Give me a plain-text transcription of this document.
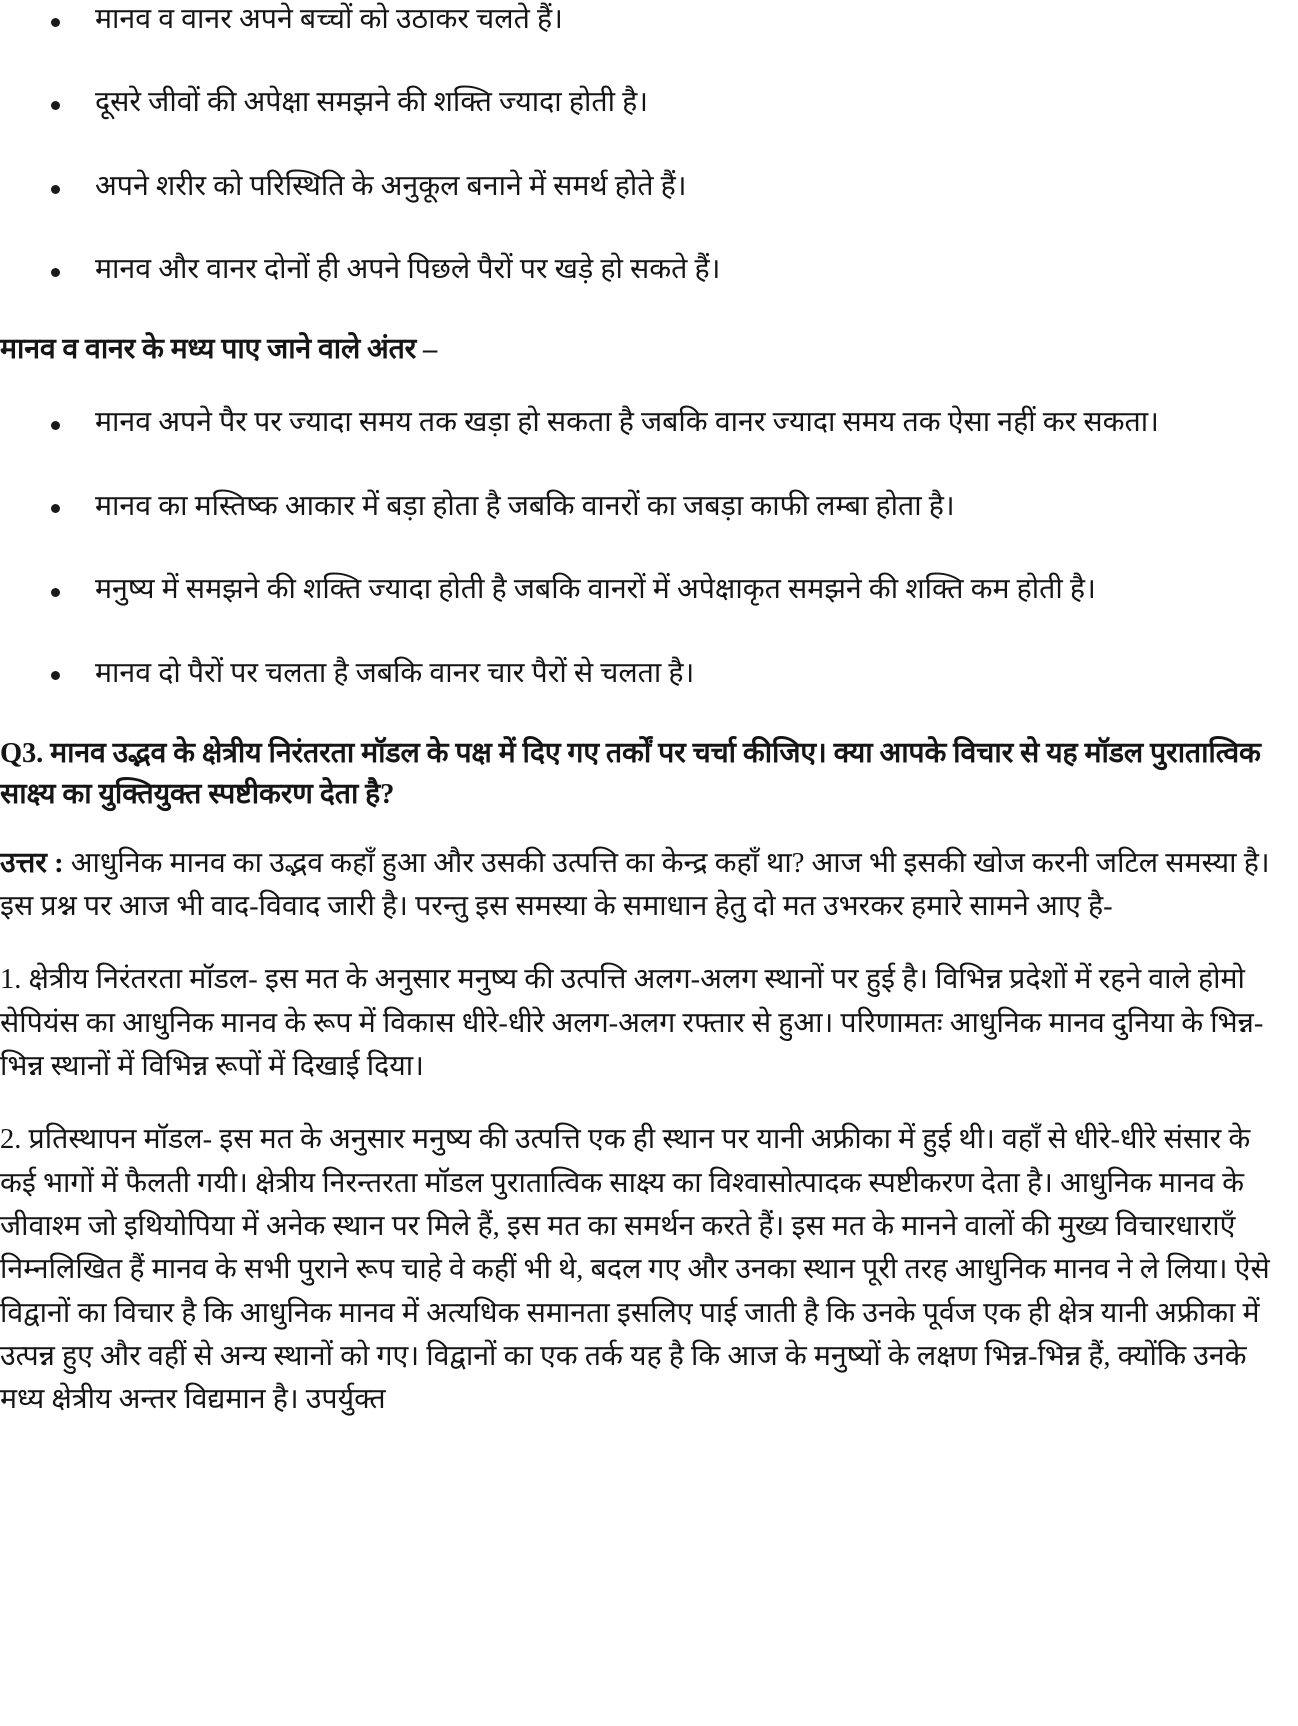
मानव व वानर अपने बच्चों को उठाकर चलते हैं।
दूसरे जीवों की अपेक्षा समझने की शक्ति ज्यादा होती है।
अपने शरीर को परिस्थिति के अनुकूल बनाने में समर्थ होते हैं।
मानव और वानर दोनों ही अपने पिछले पैरों पर खड़े हो सकते हैं।
मानव व वानर के मध्य पाए जाने वाले अंतर –
मानव अपने पैर पर ज्यादा समय तक खड़ा हो सकता है जबकि वानर ज्यादा समय तक ऐसा नहीं कर सकता।
मानव का मस्तिष्क आकार में बड़ा होता है जबकि वानरों का जबड़ा काफी लम्बा होता है।
मनुष्य में समझने की शक्ति ज्यादा होती है जबकि वानरों में अपेक्षाकृत समझने की शक्ति कम होती है।
मानव दो पैरों पर चलता है जबकि वानर चार पैरों से चलता है।
Q3. मानव उद्भव के क्षेत्रीय निरंतरता मॉडल के पक्ष में दिए गए तर्कों पर चर्चा कीजिए। क्या आपके विचार से यह मॉडल पुरातात्विक साक्ष्य का युक्तियुक्त स्पष्टीकरण देता है?

उत्तर : आधुनिक मानव का उद्भव कहाँ हुआ और उसकी उत्पत्ति का केन्द्र कहाँ था? आज भी इसकी खोज करनी जटिल समस्या है। इस प्रश्न पर आज भी वाद-विवाद जारी है। परन्तु इस समस्या के समाधान हेतु दो मत उभरकर हमारे सामने आए है-

1. क्षेत्रीय निरंतरता मॉडल- इस मत के अनुसार मनुष्य की उत्पत्ति अलग-अलग स्थानों पर हुई है। विभिन्न प्रदेशों में रहने वाले होमो सेपियंस का आधुनिक मानव के रूप में विकास धीरे-धीरे अलग-अलग रफ्तार से हुआ। परिणामतः आधुनिक मानव दुनिया के भिन्न-भिन्न स्थानों में विभिन्न रूपों में दिखाई दिया।

2. प्रतिस्थापन मॉडल- इस मत के अनुसार मनुष्य की उत्पत्ति एक ही स्थान पर यानी अफ्रीका में हुई थी। वहाँ से धीरे-धीरे संसार के कई भागों में फैलती गयी। क्षेत्रीय निरन्तरता मॉडल पुरातात्विक साक्ष्य का विश्वासोत्पादक स्पष्टीकरण देता है। आधुनिक मानव के जीवाश्म जो इथियोपिया में अनेक स्थान पर मिले हैं, इस मत का समर्थन करते हैं। इस मत के मानने वालों की मुख्य विचारधाराएँ निम्नलिखित हैं मानव के सभी पुराने रूप चाहे वे कहीं भी थे, बदल गए और उनका स्थान पूरी तरह आधुनिक मानव ने ले लिया। ऐसे विद्वानों का विचार है कि आधुनिक मानव में अत्यधिक समानता इसलिए पाई जाती है कि उनके पूर्वज एक ही क्षेत्र यानी अफ्रीका में उत्पन्न हुए और वहीं से अन्य स्थानों को गए। विद्वानों का एक तर्क यह है कि आज के मनुष्यों के लक्षण भिन्न-भिन्न हैं, क्योंकि उनके मध्य क्षेत्रीय अन्तर विद्यमान है। उपर्युक्त
